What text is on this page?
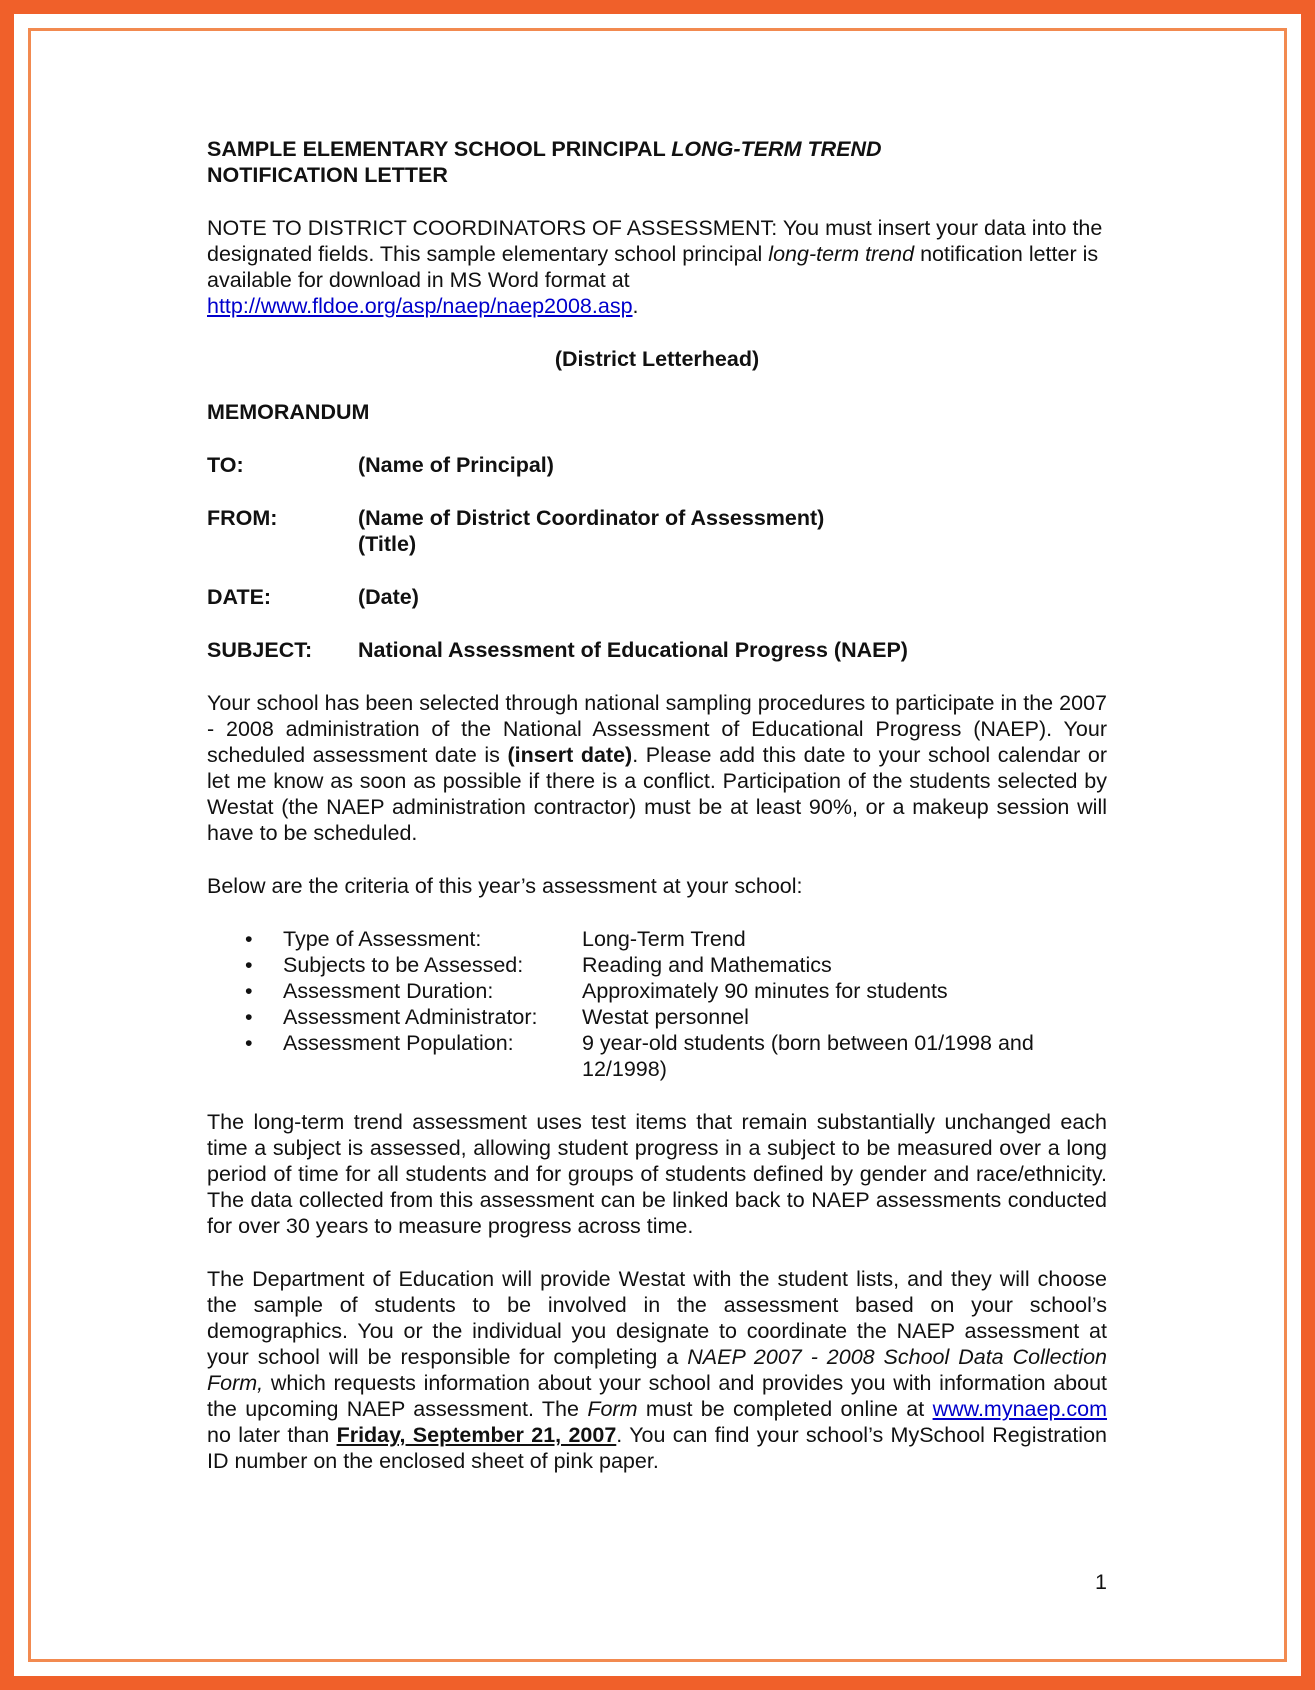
SAMPLE ELEMENTARY SCHOOL PRINCIPAL LONG-TERM TREND
NOTIFICATION LETTER

NOTE TO DISTRICT COORDINATORS OF ASSESSMENT: You must insert your data into the designated fields. This sample elementary school principal long-term trend notification letter is available for download in MS Word format at
http://www.fldoe.org/asp/naep/naep2008.asp.

(District Letterhead)

MEMORANDUM

TO:	(Name of Principal)
FROM:	(Name of District Coordinator of Assessment)
(Title)
DATE:	(Date)
SUBJECT:	National Assessment of Educational Progress (NAEP)

Your school has been selected through national sampling procedures to participate in the 2007 - 2008 administration of the National Assessment of Educational Progress (NAEP). Your scheduled assessment date is (insert date). Please add this date to your school calendar or let me know as soon as possible if there is a conflict. Participation of the students selected by Westat (the NAEP administration contractor) must be at least 90%, or a makeup session will have to be scheduled.

Below are the criteria of this year’s assessment at your school:

•	Type of Assessment:	Long-Term Trend
•	Subjects to be Assessed:	Reading and Mathematics
•	Assessment Duration:	Approximately 90 minutes for students
•	Assessment Administrator:	Westat personnel
•	Assessment Population:	9 year-old students (born between 01/1998 and 12/1998)

The long-term trend assessment uses test items that remain substantially unchanged each time a subject is assessed, allowing student progress in a subject to be measured over a long period of time for all students and for groups of students defined by gender and race/ethnicity. The data collected from this assessment can be linked back to NAEP assessments conducted for over 30 years to measure progress across time.

The Department of Education will provide Westat with the student lists, and they will choose the sample of students to be involved in the assessment based on your school’s demographics. You or the individual you designate to coordinate the NAEP assessment at your school will be responsible for completing a NAEP 2007 - 2008 School Data Collection Form, which requests information about your school and provides you with information about the upcoming NAEP assessment. The Form must be completed online at www.mynaep.com no later than Friday, September 21, 2007. You can find your school’s MySchool Registration ID number on the enclosed sheet of pink paper.

1
